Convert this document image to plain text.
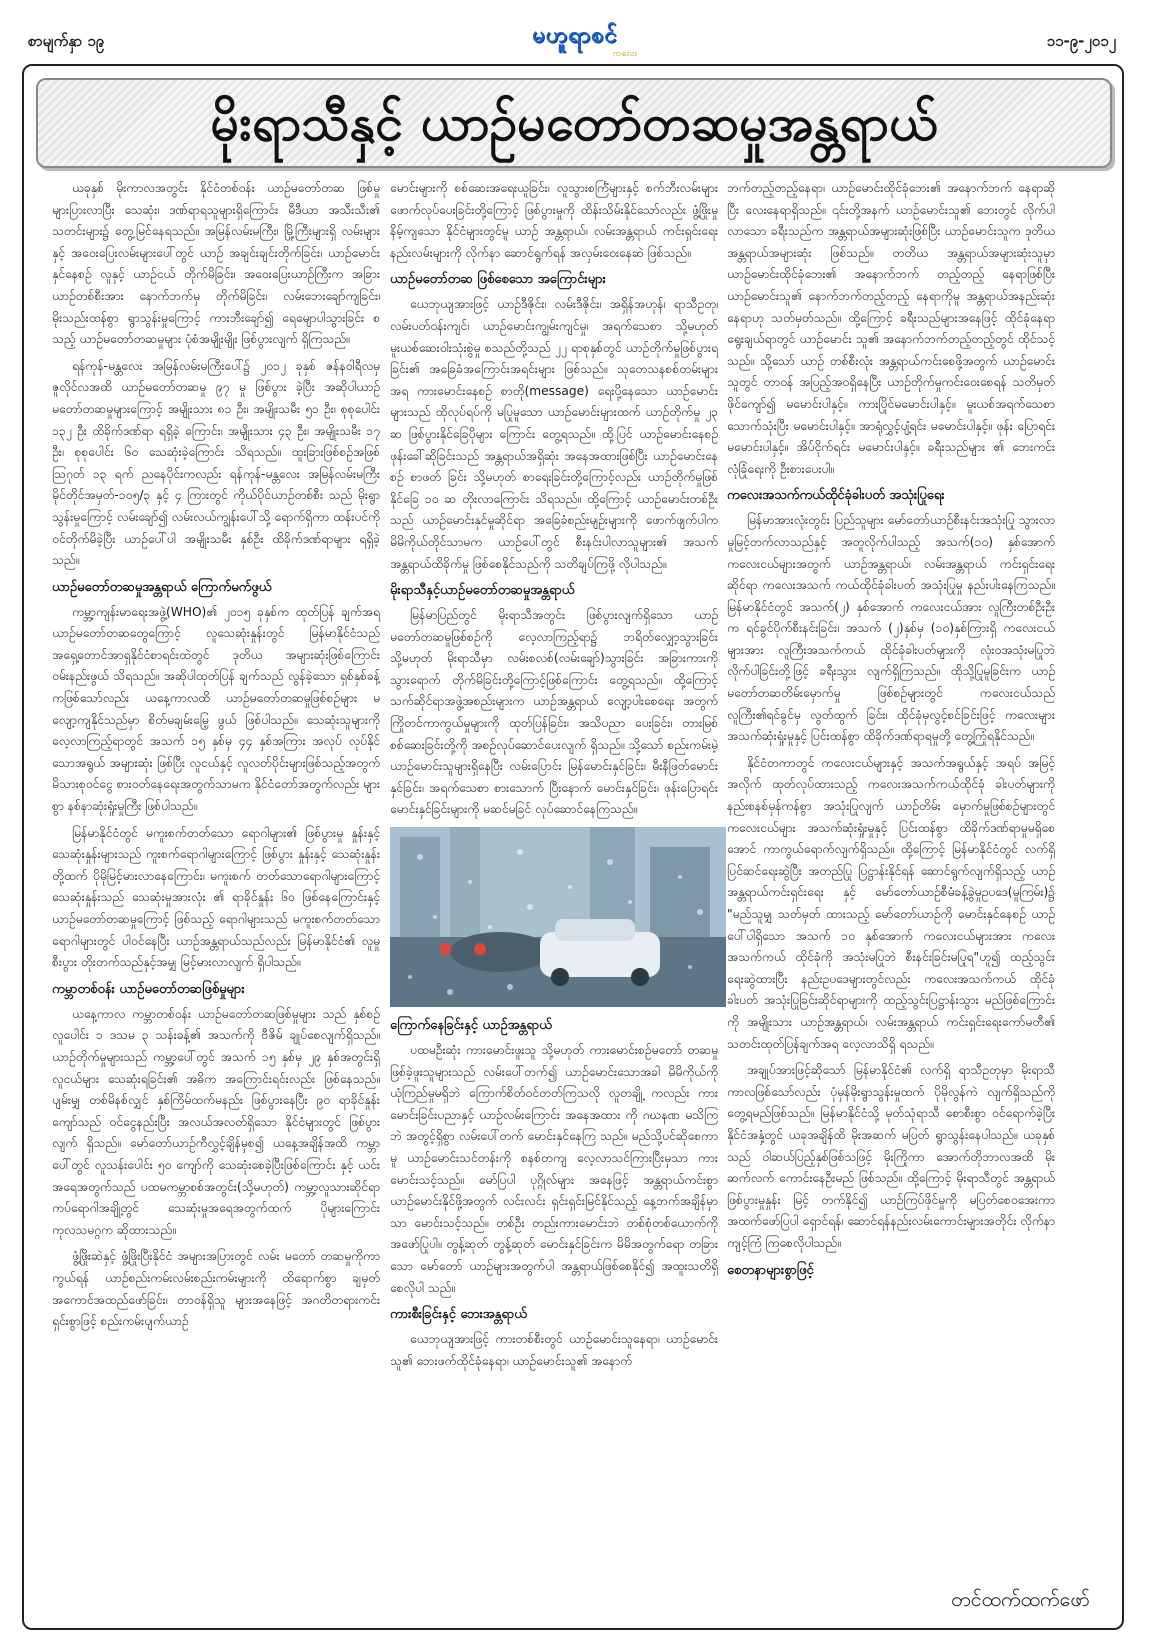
စာမျက်နှာ ၁၉	မဟူရာစင်
ကလေး
၁၁-၉-၂၀၁၂
မိုးရာသီနှင့် ယာဉ်မတော်တဆမှုအန္တရာယ်

ယခုနှစ် မိုးကာလအတွင်း နိုင်ငံတစ်ဝန်း ယာဉ်မတော်တဆ ဖြစ်မှုများပြားလာပြီး သေဆုံး၊ ဒဏ်ရာရသူများရှိကြောင်း မီဒီယာ အသီးသီး၏ သတင်းများ၌ တွေ့မြင်နေရသည်။ အမြန်လမ်းမကြီး၊ မြို့ကြီးများရှိ လမ်းများနှင့် အဝေးပြေးလမ်းများပေါ်တွင် ယာဉ် အချင်းချင်းတိုက်ခြင်း၊ ယာဉ်မောင်းနှင်နေစဉ် လူနှင့် ယာဉ်ငယ် တိုက်မိခြင်း၊ အဝေးပြေးယာဉ်ကြီးက အခြားယာဉ်တစ်စီးအား နောက်ဘက်မှ တိုက်မိခြင်း၊ လမ်းဘေးချော်ကျခြင်း၊ မိုးသည်းထန်စွာ ရွာသွန်းမှုကြောင့် ကားဘီးချော်၍ ရေမျောပါသွားခြင်း စသည့် ယာဉ်မတော်တဆမှုများ ပုံစံအမျိုးမျိုး ဖြစ်ပွားလျက် ရှိကြသည်။

ရန်ကုန်-မန္တလေး အမြန်လမ်းမကြီးပေါ်၌ ၂၀၁၂ ခုနှစ် ဇန်နဝါရီလမှ ဇူလိုင်လအထိ ယာဉ်မတော်တဆမှု ၉၇ မှု ဖြစ်ပွား ခဲ့ပြီး အဆိုပါယာဉ်မတော်တဆမှုများကြောင့် အမျိုးသား ၈၁ ဦး၊ အမျိုးသမီး ၅၁ ဦး၊ စုစုပေါင်း ၁၃၂ ဦး ထိခိုက်ဒဏ်ရာ ရရှိခဲ့ ကြောင်း၊ အမျိုးသား ၄၃ ဦး၊ အမျိုးသမီး ၁၇ ဦး၊ စုစုပေါင်း ၆၀ သေဆုံးခဲ့ကြောင်း သိရသည်။ ထူးခြားဖြစ်စဉ်အဖြစ် ဩဂုတ် ၁၃ ရက် ညနေပိုင်းကလည်း ရန်ကုန်-မန္တလေး အမြန်လမ်းမကြီး မိုင်တိုင်အမှတ်-၁၀၅/၃ နှင့် ၄ ကြားတွင် ကိုယ်ပိုင်ယာဉ်တစ်စီး သည် မိုးရွာသွန်းမှုကြောင့် လမ်းချော်၍ လမ်းလယ်ကျွန်းပေါ်သို့ ရောက်ရှိကာ ထန်းပင်ကို ဝင်တိုက်မိခဲ့ပြီး ယာဉ်ပေါ်ပါ အမျိုးသမီး နှစ်ဦး ထိခိုက်ဒဏ်ရာများ ရရှိခဲ့သည်။

ယာဉ်မတော်တဆမှုအန္တရာယ် ကြောက်မက်ဖွယ်

ကမ္ဘာ့ကျန်းမာရေးအဖွဲ့(WHO)၏ ၂၀၁၅ ခုနှစ်က ထုတ်ပြန် ချက်အရ ယာဉ်မတော်တဆတွေကြောင့် လူသေဆုံးနှုန်းတွင် မြန်မာနိုင်ငံသည် အရှေ့တောင်အာရှနိုင်ငံစာရင်းထဲတွင် ဒုတိယ အများဆုံးဖြစ်ကြောင်း ဝမ်းနည်းဖွယ် သိရသည်။ အဆိုပါထုတ်ပြန် ချက်သည် လွန်ခဲ့သော ရှစ်နှစ်ခန့်ကဖြစ်သော်လည်း ယနေ့ကာလထိ ယာဉ်မတော်တဆမှုဖြစ်စဉ်များ မလျော့ကျနိုင်သည်မှာ စိတ်မချမ်းမြေ့ ဖွယ် ဖြစ်ပါသည်။ သေဆုံးသူများကို လေ့လာကြည့်ရာတွင် အသက် ၁၅ နှစ်မှ ၄၄ နှစ်အကြား အလုပ် လုပ်နိုင်သောအရွယ် အများဆုံး ဖြစ်ပြီး လူငယ်နှင့် လူလတ်ပိုင်းများဖြစ်သည့်အတွက် မိသားစုဝင်ငွေ စားဝတ်နေရေးအတွက်သာမက နိုင်ငံတော်အတွက်လည်း များစွာ နစ်နာဆုံးရှုံးမှုကြီး ဖြစ်ပါသည်။

မြန်မာနိုင်ငံတွင် မကူးစက်တတ်သော ရောဂါများ၏ ဖြစ်ပွားမှု နှုန်းနှင့် သေဆုံးနှုန်းများသည် ကူးစက်ရောဂါများကြောင့် ဖြစ်ပွား နှုန်းနှင့် သေဆုံးနှုန်းတို့ထက် ပိုမိုမြင့်မားလာနေကြောင်း၊ မကူးစက် တတ်သောရောဂါများကြောင့် သေဆုံးနှုန်းသည် သေဆုံးမှုအားလုံး ၏ ရာခိုင်နှုန်း ၆၀ ဖြစ်နေကြောင်းနှင့် ယာဉ်မတော်တဆမှုကြောင့် ဖြစ်သည့် ရောဂါများသည် မကူးစက်တတ်သော ရောဂါများတွင် ပါဝင်နေပြီး ယာဉ်အန္တရာယ်သည်လည်း မြန်မာနိုင်ငံ၏ လူမှုစီးပွား တိုးတက်သည်နှင့်အမျှ မြင့်မားလာလျက် ရှိပါသည်။

ကမ္ဘာတစ်ဝန်း ယာဉ်မတော်တဆဖြစ်မှုများ

ယနေ့ကာလ ကမ္ဘာတစ်ဝန်း ယာဉ်မတော်တဆဖြစ်မှုများ သည် နှစ်စဉ် လူပေါင်း ၁ ဒသမ ၃ သန်းခန့်၏ အသက်ကို ဗီဇိမ် ချုပ်စေလျက်ရှိသည်။ ယာဉ်တိုက်မှုများသည် ကမ္ဘာ့ပေါ်တွင် အသက် ၁၅ နှစ်မှ ၂၉ နှစ်အတွင်းရှိ လူငယ်များ သေဆုံးရခြင်း၏ အဓိက အကြောင်းရင်းလည်း ဖြစ်နေသည်။ ပျမ်းမျှ တစ်မိနစ်လျှင် နှစ်ကြိမ်ထက်မနည်း ဖြစ်ပွားနေပြီး ၉၀ ရာခိုင်နှုန်းကျော်သည် ဝင်ငွေနည်းပြီး အလယ်အလတ်ရှိသော နိုင်ငံများတွင် ဖြစ်ပွားလျက် ရှိသည်။ မော်တော်ယာဉ်ကီလွှင့်ချိန်မှစ၍ ယနေ့အချိန်အထိ ကမ္ဘာ ပေါ်တွင် လူသန်းပေါင်း ၅၀ ကျော်ကို သေဆုံးစေခဲ့ပြီးဖြစ်ကြောင်း နှင့် ယင်းအရေအတွက်သည် ပထမကမ္ဘာစစ်အတွင်း(သို့မဟုတ်) ကမ္ဘာ့လူသားဆိုင်ရာ ကပ်ရောဂါအချို့တွင် သေဆုံးမှုအရေအတွက်ထက် ပိုများကြောင်း ကုလသမဂ္ဂက ဆိုထားသည်။

ဖွံ့ဖြိုးဆဲနှင့် ဖွံ့ဖြိုးပြီးနိုင်ငံ အများအပြားတွင် လမ်း မတော် တဆမှုကိုကာကွယ်ရန် ယာဉ်စည်းကမ်းလမ်းစည်းကမ်းများကို ထိရောက်စွာ ချမှတ်အကောင်အထည်ဖော်ခြင်း၊ တာဝန်ရှိသူ များအနေဖြင့် အဂတိတရားကင်းရှင်းစွာဖြင့် စည်းကမ်းပျက်ယာဉ်

မောင်းများကို စစ်ဆေးအရေးယူခြင်း၊ လူသွားစင်္ကြံများနှင့် စက်ဘီးလမ်းများ ဖောက်လုပ်ပေးခြင်းတို့ကြောင့် ဖြစ်ပွားမှုကို ထိန်းသိမ်းနိုင်သော်လည်း ဖွံ့ဖြိုးမှုနိမ့်ကျသော နိုင်ငံများတွင်မူ ယာဉ် အန္တရာယ်၊ လမ်းအန္တရာယ် ကင်းရှင်းရေးနည်းလမ်းများကို လိုက်နာ ဆောင်ရွက်ရန် အလှမ်းဝေးနေဆဲ ဖြစ်သည်။

ယာဉ်မတော်တဆ ဖြစ်စေသော အကြောင်းများ

ယေဘုယျအားဖြင့် ယာဉ်ဒီဇိုင်း၊ လမ်းဒီဇိုင်း၊ အရှိန်အဟုန်၊ ရာသီဥတု၊ လမ်းပတ်ဝန်းကျင်၊ ယာဉ်မောင်းကျွမ်းကျင်မှု၊ အရက်သေစာ သို့မဟုတ် မူးယစ်ဆေးဝါးသုံးစွဲမှု စသည်တို့သည် ၂၂ ရာစုနှစ်တွင် ယာဉ်တိုက်မှုဖြစ်ပွားရခြင်း၏ အခြေခံအကြောင်းအရင်းများ ဖြစ်သည်။ သုတေသနစစ်တမ်းများအရ ကားမောင်းနေစဉ် စာတို(message) ရေးပို့နေသော ယာဉ်မောင်းများသည် ထိုလုပ်ရပ်ကို မပြုမူသော ယာဉ်မောင်းများထက် ယာဉ်တိုက်မှု ၂၃ ဆ ဖြစ်ပွားနိုင်ခြေပိုများ ကြောင်း တွေ့ရသည်။ ထို့ပြင် ယာဉ်မောင်းနေစဉ် ဖုန်းခေါ်ဆိုခြင်းသည် အန္တရာယ်အရှိဆုံး အနေအထားဖြစ်ပြီး ယာဉ်မောင်းနေစဉ် စာဖတ် ခြင်း သို့မဟုတ် စာရေးခြင်းတို့ကြောင့်လည်း ယာဉ်တိုက်မှုဖြစ်နိုင်ခြေ ၁၀ ဆ တိုးလာကြောင်း သိရသည်။ ထို့ကြောင့် ယာဉ်မောင်းတစ်ဦး သည် ယာဉ်မောင်းနှင်မှုဆိုင်ရာ အခြေခံစည်းမျဉ်းများကို ဖောက်ဖျက်ပါက မိမိကိုယ်တိုင်သာမက ယာဉ်ပေါ်တွင် စီးနင်းပါလာသူများ၏ အသက် အန္တရာယ်ထိခိုက်မှု ဖြစ်စေနိုင်သည်ကို သတိချပ်ကြဖို့ လိုပါသည်။

မိုးရာသီနှင့်ယာဉ်မတော်တဆမှုအန္တရာယ်

မြန်မာပြည်တွင် မိုးရာသီအတွင်း ဖြစ်ပွားလျက်ရှိသော ယာဉ် မတော်တဆမှုဖြစ်စဉ်ကို လေ့လာကြည့်ရာ၌ ဘရိတ်လျှော့သွားခြင်း သို့မဟုတ် မိုးရာသီမှာ လမ်းစလစ်(လမ်းချော်)သွားခြင်း အခြားကားကို သွားရောက် တိုက်မိခြင်းတို့ကြောင့်ဖြစ်ကြောင်း တွေ့ရသည်။ ထို့ကြောင့် သက်ဆိုင်ရာအဖွဲ့အစည်းများက ယာဉ်အန္တရာယ် လျော့ပါးစေရေး အတွက် ကြိုတင်ကာကွယ်မှုများကို ထုတ်ပြန်ခြင်း၊ အသိပညာ ပေးခြင်း၊ တားမြစ်စစ်ဆေးခြင်းတို့ကို အစဉ်လုပ်ဆောင်ပေးလျက် ရှိသည်။ သို့သော် စည်းကမ်းမဲ့ယာဉ်မောင်းသူများရှိနေပြီး လမ်းပြောင်း မြန်မောင်းနှင်ခြင်း၊ မီးနီဖြတ်မောင်းနှင်ခြင်း၊ အရက်သေစာ စားသောက် ပြီးနောက် မောင်းနှင်ခြင်း၊ ဖုန်းပြောရင်း မောင်းနှင်ခြင်းများကို မဆင်မခြင် လုပ်ဆောင်နေကြသည်။

ကြောက်နေခြင်းနှင့် ယာဉ်အန္တရာယ်

ပထမဦးဆုံး ကားမောင်းဖူးသူ သို့မဟုတ် ကားမောင်းစဉ်မတော် တဆမှုဖြစ်ခဲ့ဖူးသူများသည် လမ်းပေါ်တက်၍ ယာဉ်မောင်းသောအခါ မိမိကိုယ်ကို ယုံကြည်မှုမရှိဘဲ ကြောက်စိတ်ဝင်တတ်ကြသလို လူတချို့ ကလည်း ကားမောင်းခြင်းပညာနှင့် ယာဉ်လမ်းကြောင်း အနေအထား ကို ဂဃနဏ မသိကြဘဲ အတွင့်ရှိစွာ လမ်းပေါ်တက် မောင်းနှင်နေကြ သည်။ မည်သို့ပင်ဆိုစေကာမူ ယာဉ်မောင်းသင်တန်းကို စနစ်တကျ လေ့လာသင်ကြားပြီးမှသာ ကားမောင်းသင့်သည်။ မော်ပြပါ ပုဂ္ဂိုလ်များ အနေဖြင့် အန္တရာယ်ကင်းစွာ ယာဉ်မောင်းနိုင်ဖို့အတွက် လင်းလင်း ရှင်းရှင်းမြင်နိုင်သည့် နေ့ဘက်အချိန်မှာသာ မောင်းသင့်သည်။ တစ်ဦး တည်းကားမောင်းဘဲ တစ်စုံတစ်ယောက်ကို အဖော်ပြုပါ။ တွန့်ဆုတ် တွန့်ဆုတ် မောင်းနှင်ခြင်းက မိမိအတွက်ရော တခြားသော မော်တော် ယာဉ်များအတွက်ပါ အန္တရာယ်ဖြစ်စေနိုင်၍ အထူးသတိရှိစေလိုပါ သည်။

ကားစီးခြင်းနှင့် ဘေးအန္တရာယ်

ယေဘုယျအားဖြင့် ကားတစ်စီးတွင် ယာဉ်မောင်းသူနေရာ၊ ယာဉ်မောင်းသူ၏ ဘေးဖက်ထိုင်ခုံနေရာ၊ ယာဉ်မောင်းသူ၏ အနောက်

ဘက်တည့်တည့်နေရာ၊ ယာဉ်မောင်းထိုင်ခုံဘေး၏ အနောက်ဘက် နေရာဆိုပြီး လေးနေရာရှိသည်။ ၎င်းတို့အနက် ယာဉ်မောင်းသူ၏ ဘေးတွင် လိုက်ပါလာသော ခရီးသည်က အန္တရာယ်အများဆုံးဖြစ်ပြီး ယာဉ်မောင်းသူက ဒုတိယအန္တရာယ်အများဆုံး ဖြစ်သည်။ တတိယ အန္တရာယ်အများဆုံးသူမှာ ယာဉ်မောင်းထိုင်ခုံဘေး၏ အနောက်ဘက် တည့်တည့် နေရာဖြစ်ပြီး ယာဉ်မောင်းသူ၏ နောက်ဘက်တည့်တည့် နေရာကိုမူ အန္တရာယ်အနည်းဆုံးနေရာဟု သတ်မှတ်သည်။ ထို့ကြောင့် ခရီးသည်များအနေဖြင့် ထိုင်ခုံနေရာ ရွေးချယ်ရာတွင် ယာဉ်မောင်း သူ၏ အနောက်ဘက်တည့်တည့်တွင် ထိုင်သင့်သည်။ သို့သော် ယာဉ် တစ်စီးလုံး အန္တရာယ်ကင်းစေဖို့အတွက် ယာဉ်မောင်းသူတွင် တာဝန် အပြည့်အဝရှိနေပြီး ယာဉ်တိုက်မှုကင်းဝေးစေရန် သတိမှတ်ဖိုင်ကျော်၍ မမောင်းပါနှင့်။ ကားပြိုင်မမောင်းပါနှင့်။ မူးယစ်အရက်သေစာ သောက်သုံးပြီး မမောင်းပါနှင့်။ အာရုံလွှင့်ပျံ့ရင်း မမောင်းပါနှင့်။ ဖုန်း ပြောရင်း မမောင်းပါနှင့်။ အိပ်ငိုက်ရင်း မမောင်းပါနှင့်။ ခရီးသည်များ ၏ ဘေးကင်းလုံခြုံရေးကို ဦးစားပေးပါ။

ကလေးအသက်ကယ်ထိုင်ခုံခါးပတ် အသုံးပြုရေး

မြန်မာအားလုံးတွင်း ပြည်သူများ မော်တော်ယာဉ်စီးနင်းအသုံးပြု သွားလာမှုမြင့်တက်လာသည်နှင့် အတူလိုက်ပါသည့် အသက်(၁၀) နှစ်အောက် ကလေးငယ်များအတွက် ယာဉ်အန္တရာယ်၊ လမ်းအန္တရာယ် ကင်းရှင်းရေးဆိုင်ရာ ကလေးအသက် ကယ်ထိုင်ခုံခါးပတ် အသုံးပြုမှု နည်းပါးနေကြသည်။ မြန်မာနိုင်ငံတွင် အသက်(၂) နှစ်အောက် ကလေးငယ်အား လူကြီးတစ်ဦးဦးက ရင်ခွင်ပိုက်စီးနင်းခြင်း၊ အသက် (၂)နှစ်မှ (၁၀)နှစ်ကြားရှိ ကလေးငယ်များအား လူကြီးအသက်ကယ် ထိုင်ခုံခါးပတ်များကို လုံးဝအသုံးမပြုဘဲ လိုက်ပါခြင်းတို့ဖြင့် ခရီးသွား လျက်ရှိကြသည်။ ထိုသို့ပြုမူခြင်းက ယာဉ်မတော်တဆတိမ်းမှောက်မှု ဖြစ်စဉ်များတွင် ကလေးငယ်သည် လူကြီး၏ရင်ခွင်မှ လွတ်ထွက် ခြင်း၊ ထိုင်ခုံမှလွင့်စင်ခြင်းဖြင့် ကလေးများ အသက်ဆုံးရှုံးမှုနှင့် ပြင်းထန်စွာ ထိခိုက်ဒဏ်ရာရမှုတို့ တွေ့ကြုံရနိုင်သည်။

နိုင်ငံတကာတွင် ကလေးငယ်များနှင့် အသက်အရွယ်နှင့် အရပ် အမြင့်အလိုက် ထုတ်လုပ်ထားသည့် ကလေးအသက်ကယ်ထိုင်ခုံ ခါးပတ်များကို နည်းစနစ်မှန်ကန်စွာ အသုံးပြုလျက် ယာဉ်တိမ်း မှောက်မှုဖြစ်စဉ်များတွင် ကလေးငယ်များ အသက်ဆုံးရှုံးမှုနှင့် ပြင်းထန်စွာ ထိခိုက်ဒဏ်ရာမှုမရှိစေအောင် ကာကွယ်ရောက်လျက်ရှိသည်။ ထို့ကြောင့် မြန်မာနိုင်ငံတွင် လက်ရှိပြင်ဆင်ရေးဆွဲပြီး အတည်ပြု ပြဋ္ဌာန်းနိုင်ရန် ဆောင်ရွက်လျက်ရှိသည့် ယာဉ်အန္တရာယ်ကင်းရှင်းရေး နှင့် မော်တော်ယာဉ်စီမံခန့်ခွဲမှုဥပဒေ(မူကြမ်း)၌ "မည်သူမျှ သတ်မှတ် ထားသည့် မော်တော်ယာဉ်ကို မောင်းနှင်နေစဉ် ယာဉ်ပေါ်ပါရှိသော အသက် ၁၀ နှစ်အောက် ကလေးငယ်များအား ကလေးအသက်ကယ် ထိုင်ခုံကို အသုံးမပြုဘဲ စီးနင်းခြင်းမပြုရ"ဟူ၍ ထည့်သွင်း ရေးဆွဲထားပြီး နည်းဥပဒေများတွင်လည်း ကလေးအသက်ကယ် ထိုင်ခုံခါးပတ် အသုံးပြုခြင်းဆိုင်ရာများကို ထည့်သွင်းပြဋ္ဌာန်းသွား မည်ဖြစ်ကြောင်းကို အမျိုးသား ယာဉ်အန္တရာယ်၊ လမ်းအန္တရာယ် ကင်းရှင်းရေးကော်မတီ၏ သတင်းထုတ်ပြန်ချက်အရ လေ့လာသိရှိ ရသည်။

အချုပ်အားဖြင့်ဆိုသော် မြန်မာနိုင်ငံ၏ လက်ရှိ ရာသီဥတုမှာ မိုးရာသီကာလဖြစ်သော်လည်း ပုံမှန်မိုးရွာသွန်းမှုထက် ပိုမိုလွန်ကဲ လျက်ရှိသည်ကို တွေ့ရမည်ဖြစ်သည်။ မြန်မာနိုင်ငံသို့ မုတ်သုံရာသီ စောစီးစွာ ဝင်ရောက်ခဲ့ပြီး နိုင်ငံအနှံ့တွင် ယခုအချိန်ထိ မိုးအဆက် မပြတ် ရွာသွန်းနေပါသည်။ ယခုနှစ်သည် ဝါဆယ်ပြည့်နှစ်ဖြစ်သဖြင့် မိုးကြိုကာ အောက်တိုဘာလအထိ မိုးဆက်လက် ကောင်းနေဦးမည် ဖြစ်သည်။ ထို့ကြောင့် မိုးရာသီတွင် အန္တရာယ်ဖြစ်ပွားမှုနှုန်း မြင့် တက်နိုင်၍ ယာဉ်ကြပ်ဖိုင်မှုကို မပြတ်စေဝအေးကာ အထက်ဖော်ပြပါ ရှောင်ရန်၊ ဆောင်ရန်နည်းလမ်းကောင်းများအတိုင်း လိုက်နာကျင့်ကြံ ကြစေလိုပါသည်။

စေတနာများစွာဖြင့်
တင်ထက်ထက်ဖော်
